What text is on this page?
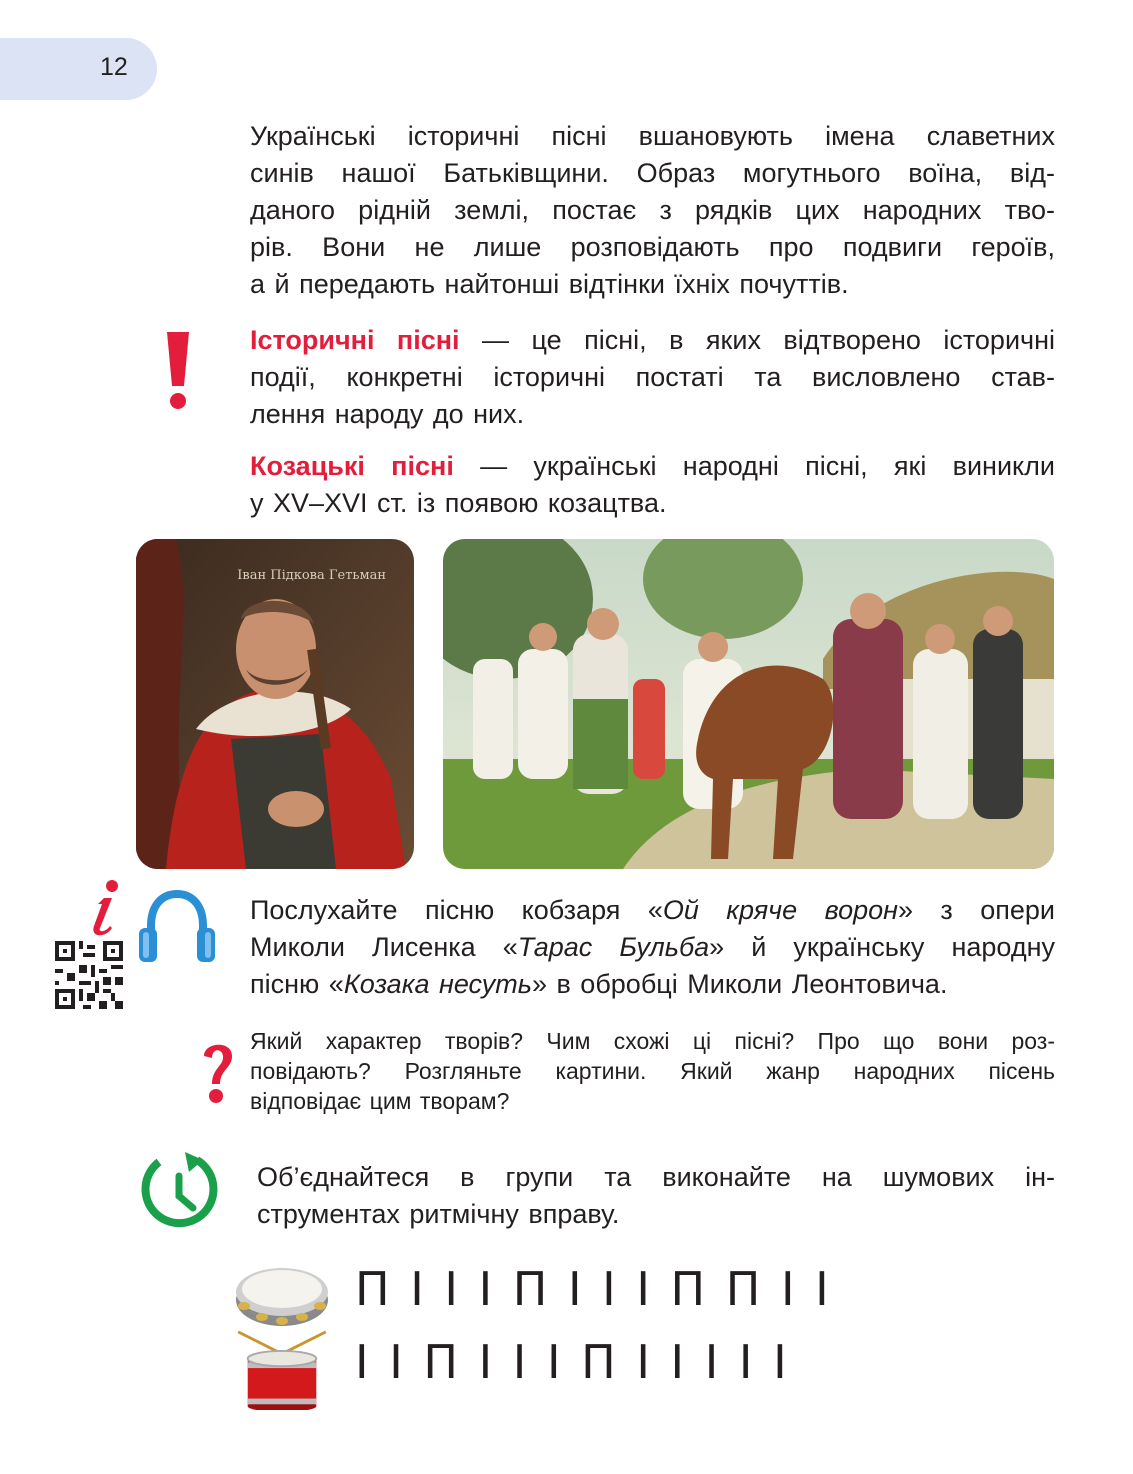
12
Українські історичні пісні вшановують імена славетних
синів нашої Батьківщини. Образ могутнього воїна, від-
даного рідній землі, постає з рядків цих народних тво-
рів. Вони не лише розповідають про подвиги героїв,
а й передають найтонші відтінки їхніх почуттів.
Історичні пісні — це пісні, в яких відтворено історичні
події, конкретні історичні постаті та висловлено став-
лення народу до них.
Козацькі пісні — українські народні пісні, які виникли
у XV–XVI ст. із появою козацтва.
Іван Підкова Гетьман
Послухайте пісню кобзаря «Ой кряче ворон» з опери
Миколи Лисенка «Тарас Бульба» й українську народну
пісню «Козака несуть» в обробці Миколи Леонтовича.
Який характер творів? Чим схожі ці пісні? Про що вони роз-
повідають? Розгляньте картини. Який жанр народних пісень
відповідає цим творам?
Об’єднайтеся в групи та виконайте на шумових ін-
струментах ритмічну вправу.
П І І І П І І І П П І І
І І П І І І П І І І І І
